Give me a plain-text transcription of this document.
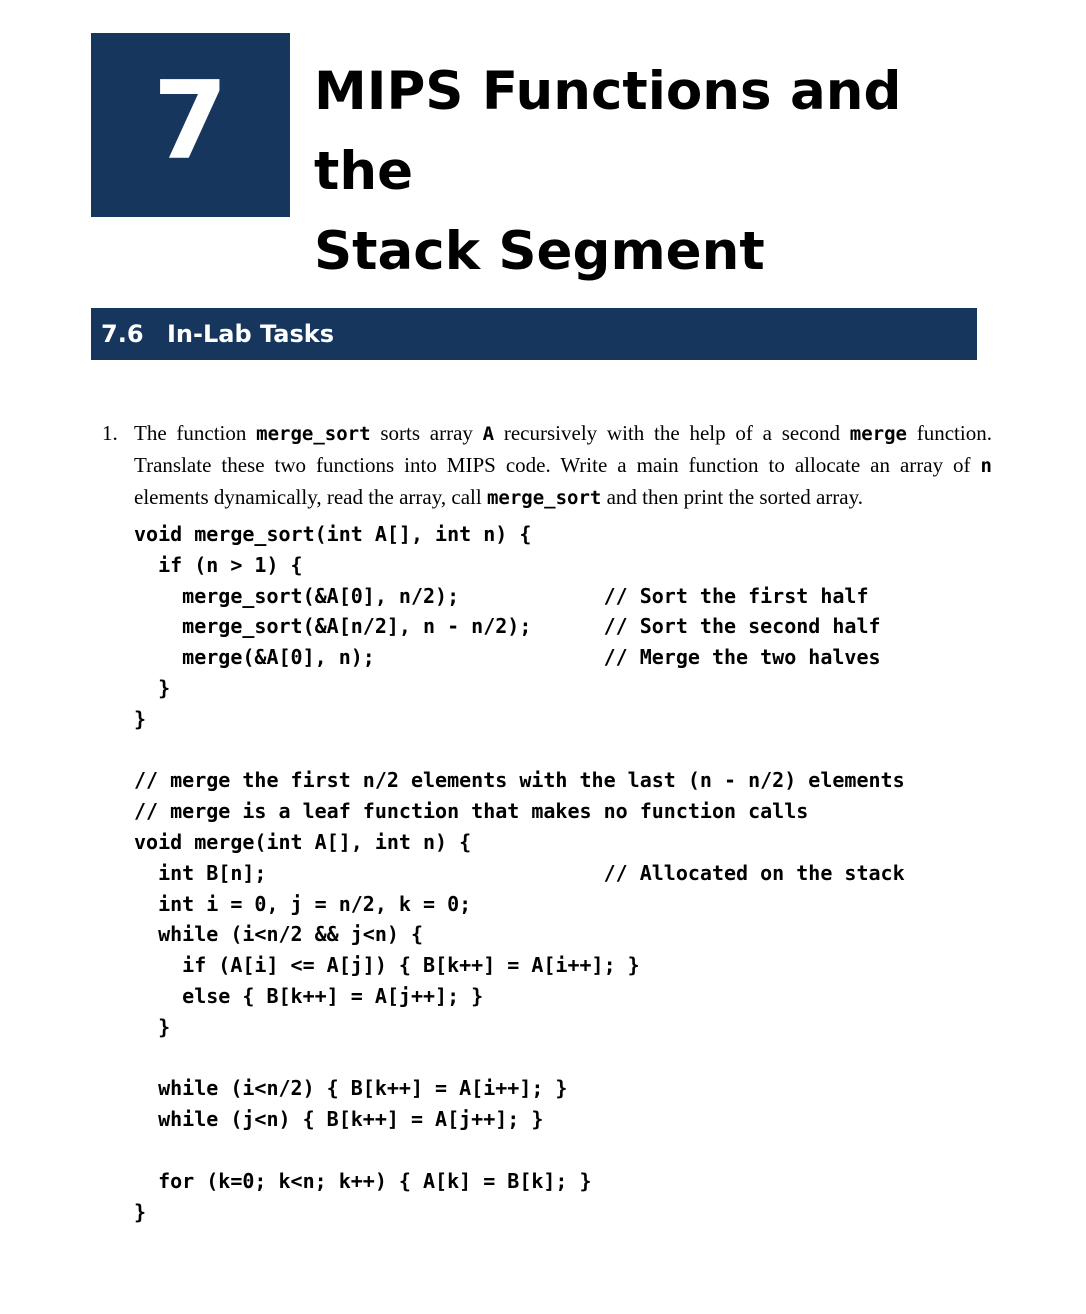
7 MIPS Functions and the
Stack Segment
7.6 In-Lab Tasks
1. The function merge_sort sorts array A recursively with the help of a second merge function. Translate these two functions into MIPS code. Write a main function to allocate an array of n elements dynamically, read the array, call merge_sort and then print the sorted array.
void merge_sort(int A[], int n) {
if (n > 1) {
merge_sort(&A[0], n/2);            // Sort the first half
merge_sort(&A[n/2], n - n/2);      // Sort the second half
merge(&A[0], n);                   // Merge the two halves
}
}

// merge the first n/2 elements with the last (n - n/2) elements
// merge is a leaf function that makes no function calls
void merge(int A[], int n) {
int B[n];                            // Allocated on the stack
int i = 0, j = n/2, k = 0;
while (i<n/2 && j<n) {
if (A[i] <= A[j]) { B[k++] = A[i++]; }
else { B[k++] = A[j++]; }
}

while (i<n/2) { B[k++] = A[i++]; }
while (j<n) { B[k++] = A[j++]; }

for (k=0; k<n; k++) { A[k] = B[k]; }
}
